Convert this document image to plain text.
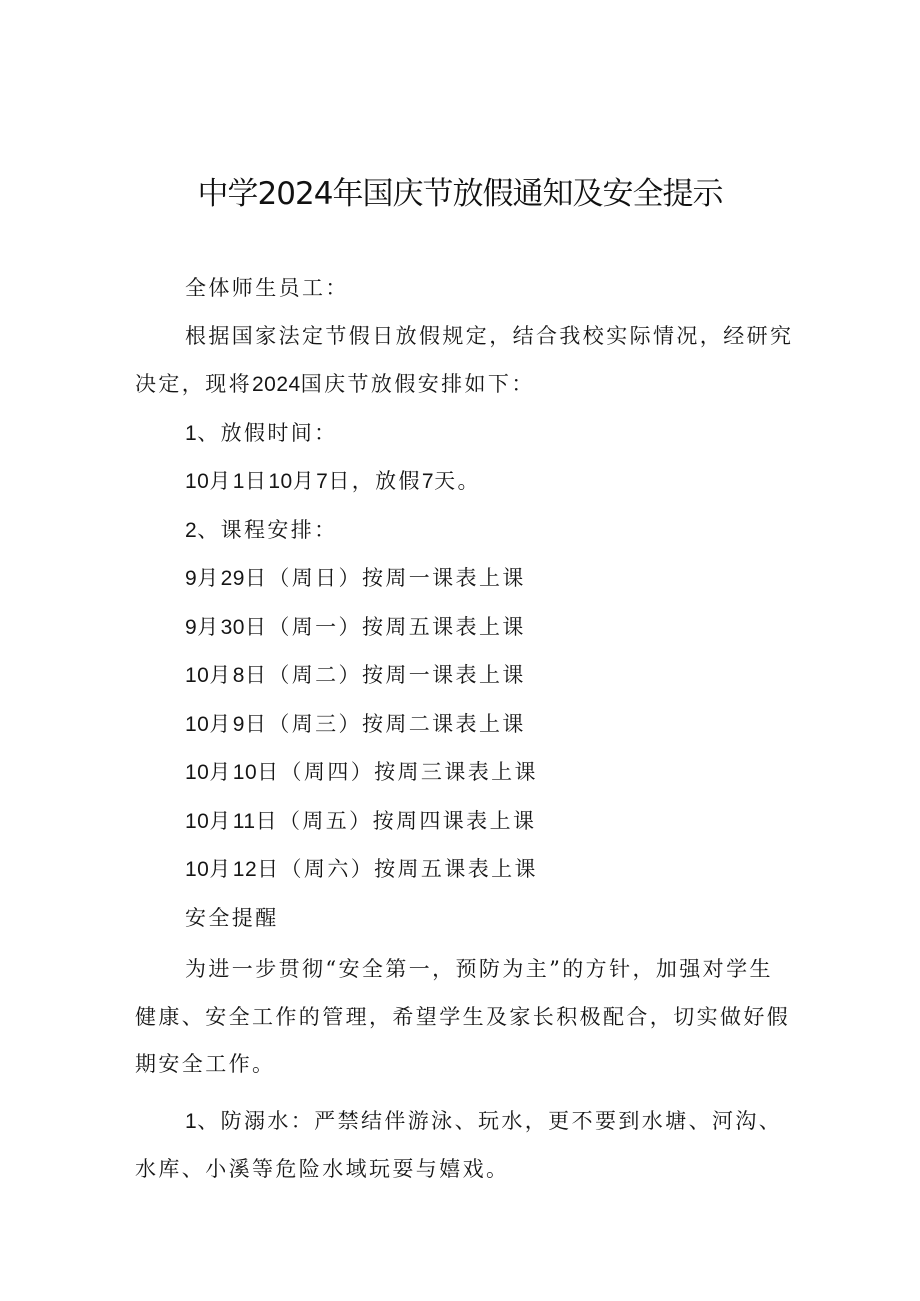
中学2024年国庆节放假通知及安全提示
全体师生员工：
根据国家法定节假日放假规定，结合我校实际情况，经研究
决定，现将2024国庆节放假安排如下：
1、放假时间：
10月1日10月7日，放假7天。
2、课程安排：
9月29日（周日）按周一课表上课
9月30日（周一）按周五课表上课
10月8日（周二）按周一课表上课
10月9日（周三）按周二课表上课
10月10日（周四）按周三课表上课
10月11日（周五）按周四课表上课
10月12日（周六）按周五课表上课
安全提醒
为进一步贯彻“安全第一，预防为主”的方针，加强对学生
健康、安全工作的管理，希望学生及家长积极配合，切实做好假
期安全工作。
1、防溺水：严禁结伴游泳、玩水，更不要到水塘、河沟、
水库、小溪等危险水域玩耍与嬉戏。
